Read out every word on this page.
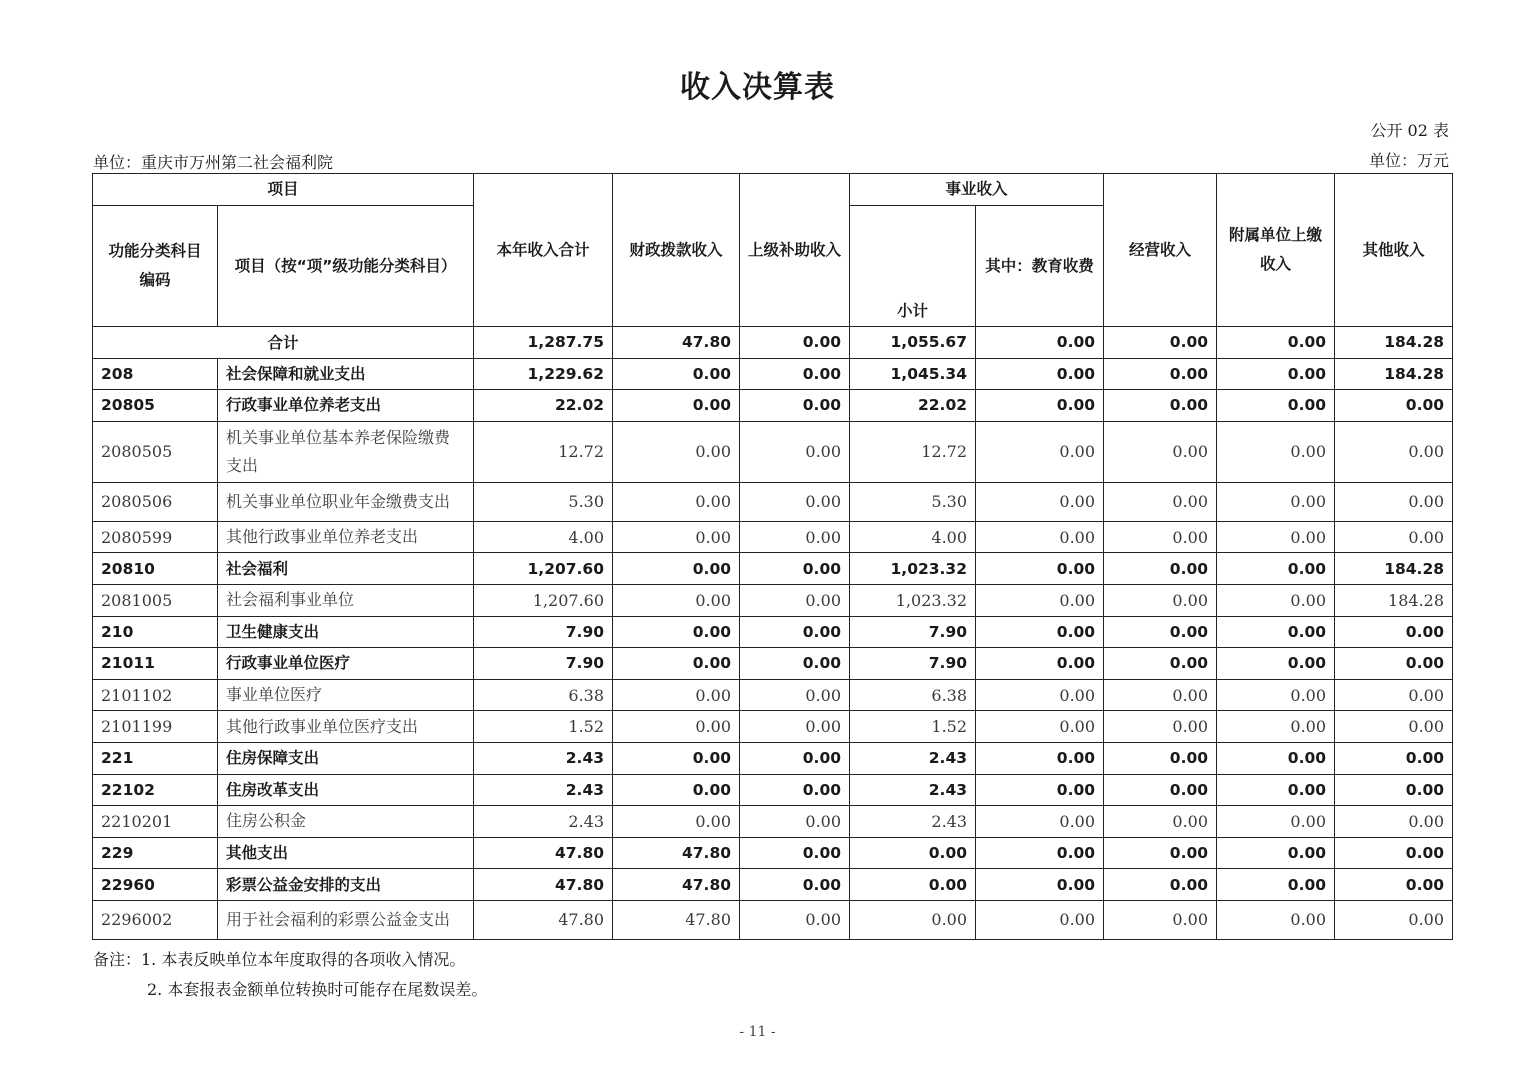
收入决算表
公开 02 表
单位：重庆市万州第二社会福利院	单位：万元
项目		本年收入合计	财政拨款收入	上级补助收入	事业收入		经营收入	附属单位上缴收入	其他收入
功能分类科目编码	项目（按“项”级功能分类科目）				小计	其中：教育收费			
合计		1,287.75	47.80	0.00	1,055.67	0.00	0.00	0.00	184.28
208	社会保障和就业支出	1,229.62	0.00	0.00	1,045.34	0.00	0.00	0.00	184.28
20805	行政事业单位养老支出	22.02	0.00	0.00	22.02	0.00	0.00	0.00	0.00
2080505	机关事业单位基本养老保险缴费支出	12.72	0.00	0.00	12.72	0.00	0.00	0.00	0.00
2080506	机关事业单位职业年金缴费支出	5.30	0.00	0.00	5.30	0.00	0.00	0.00	0.00
2080599	其他行政事业单位养老支出	4.00	0.00	0.00	4.00	0.00	0.00	0.00	0.00
20810	社会福利	1,207.60	0.00	0.00	1,023.32	0.00	0.00	0.00	184.28
2081005	社会福利事业单位	1,207.60	0.00	0.00	1,023.32	0.00	0.00	0.00	184.28
210	卫生健康支出	7.90	0.00	0.00	7.90	0.00	0.00	0.00	0.00
21011	行政事业单位医疗	7.90	0.00	0.00	7.90	0.00	0.00	0.00	0.00
2101102	事业单位医疗	6.38	0.00	0.00	6.38	0.00	0.00	0.00	0.00
2101199	其他行政事业单位医疗支出	1.52	0.00	0.00	1.52	0.00	0.00	0.00	0.00
221	住房保障支出	2.43	0.00	0.00	2.43	0.00	0.00	0.00	0.00
22102	住房改革支出	2.43	0.00	0.00	2.43	0.00	0.00	0.00	0.00
2210201	住房公积金	2.43	0.00	0.00	2.43	0.00	0.00	0.00	0.00
229	其他支出	47.80	47.80	0.00	0.00	0.00	0.00	0.00	0.00
22960	彩票公益金安排的支出	47.80	47.80	0.00	0.00	0.00	0.00	0.00	0.00
2296002	用于社会福利的彩票公益金支出	47.80	47.80	0.00	0.00	0.00	0.00	0.00	0.00
备注：1. 本表反映单位本年度取得的各项收入情况。
2. 本套报表金额单位转换时可能存在尾数误差。
- 11 -
